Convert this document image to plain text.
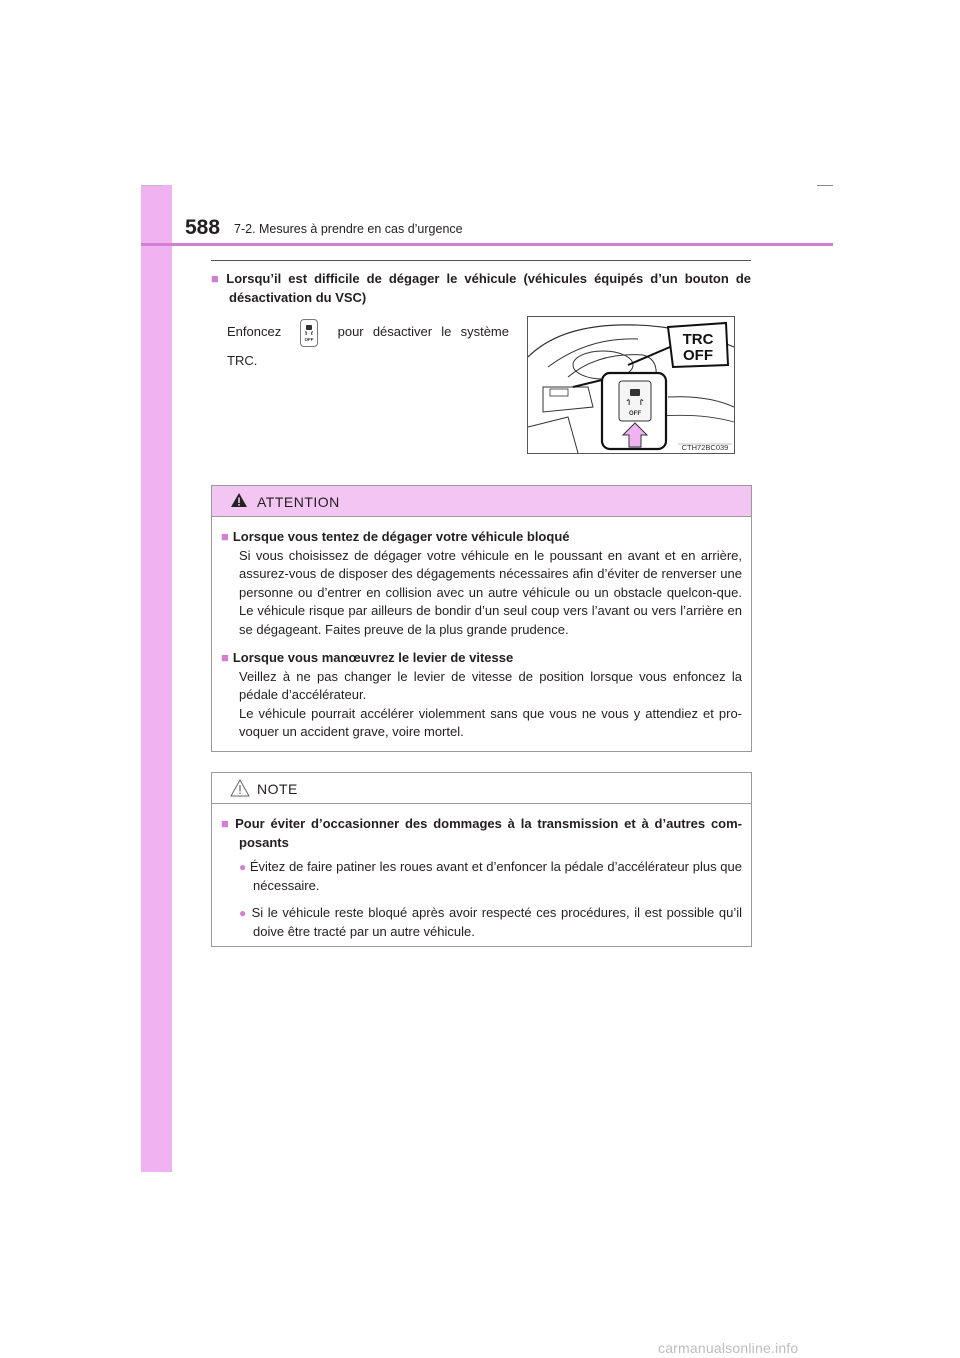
588 7-2. Mesures à prendre en cas d’urgence
■ Lorsqu’il est difficile de dégager le véhicule (véhicules équipés d’un bouton de désactivation du VSC)
Enfoncez
OFF
pour désactiver le système TRC.
TRC
OFF
OFF
CTH72BC039
ATTENTION

■ Lorsque vous tentez de dégager votre véhicule bloqué

Si vous choisissez de dégager votre véhicule en le poussant en avant et en arrière, assurez-vous de disposer des dégagements nécessaires afin d’éviter de renverser une personne ou d’entrer en collision avec un autre véhicule ou un obstacle quelcon-que. Le véhicule risque par ailleurs de bondir d’un seul coup vers l’avant ou vers l’arrière en se dégageant. Faites preuve de la plus grande prudence.

■ Lorsque vous manœuvrez le levier de vitesse

Veillez à ne pas changer le levier de vitesse de position lorsque vous enfoncez la pédale d’accélérateur.

Le véhicule pourrait accélérer violemment sans que vous ne vous y attendiez et pro-voquer un accident grave, voire mortel.

NOTE

■ Pour éviter d’occasionner des dommages à la transmission et à d’autres com-posants

● Évitez de faire patiner les roues avant et d’enfoncer la pédale d’accélérateur plus que nécessaire.

● Si le véhicule reste bloqué après avoir respecté ces procédures, il est possible qu’il doive être tracté par un autre véhicule.

carmanualsonline.info
